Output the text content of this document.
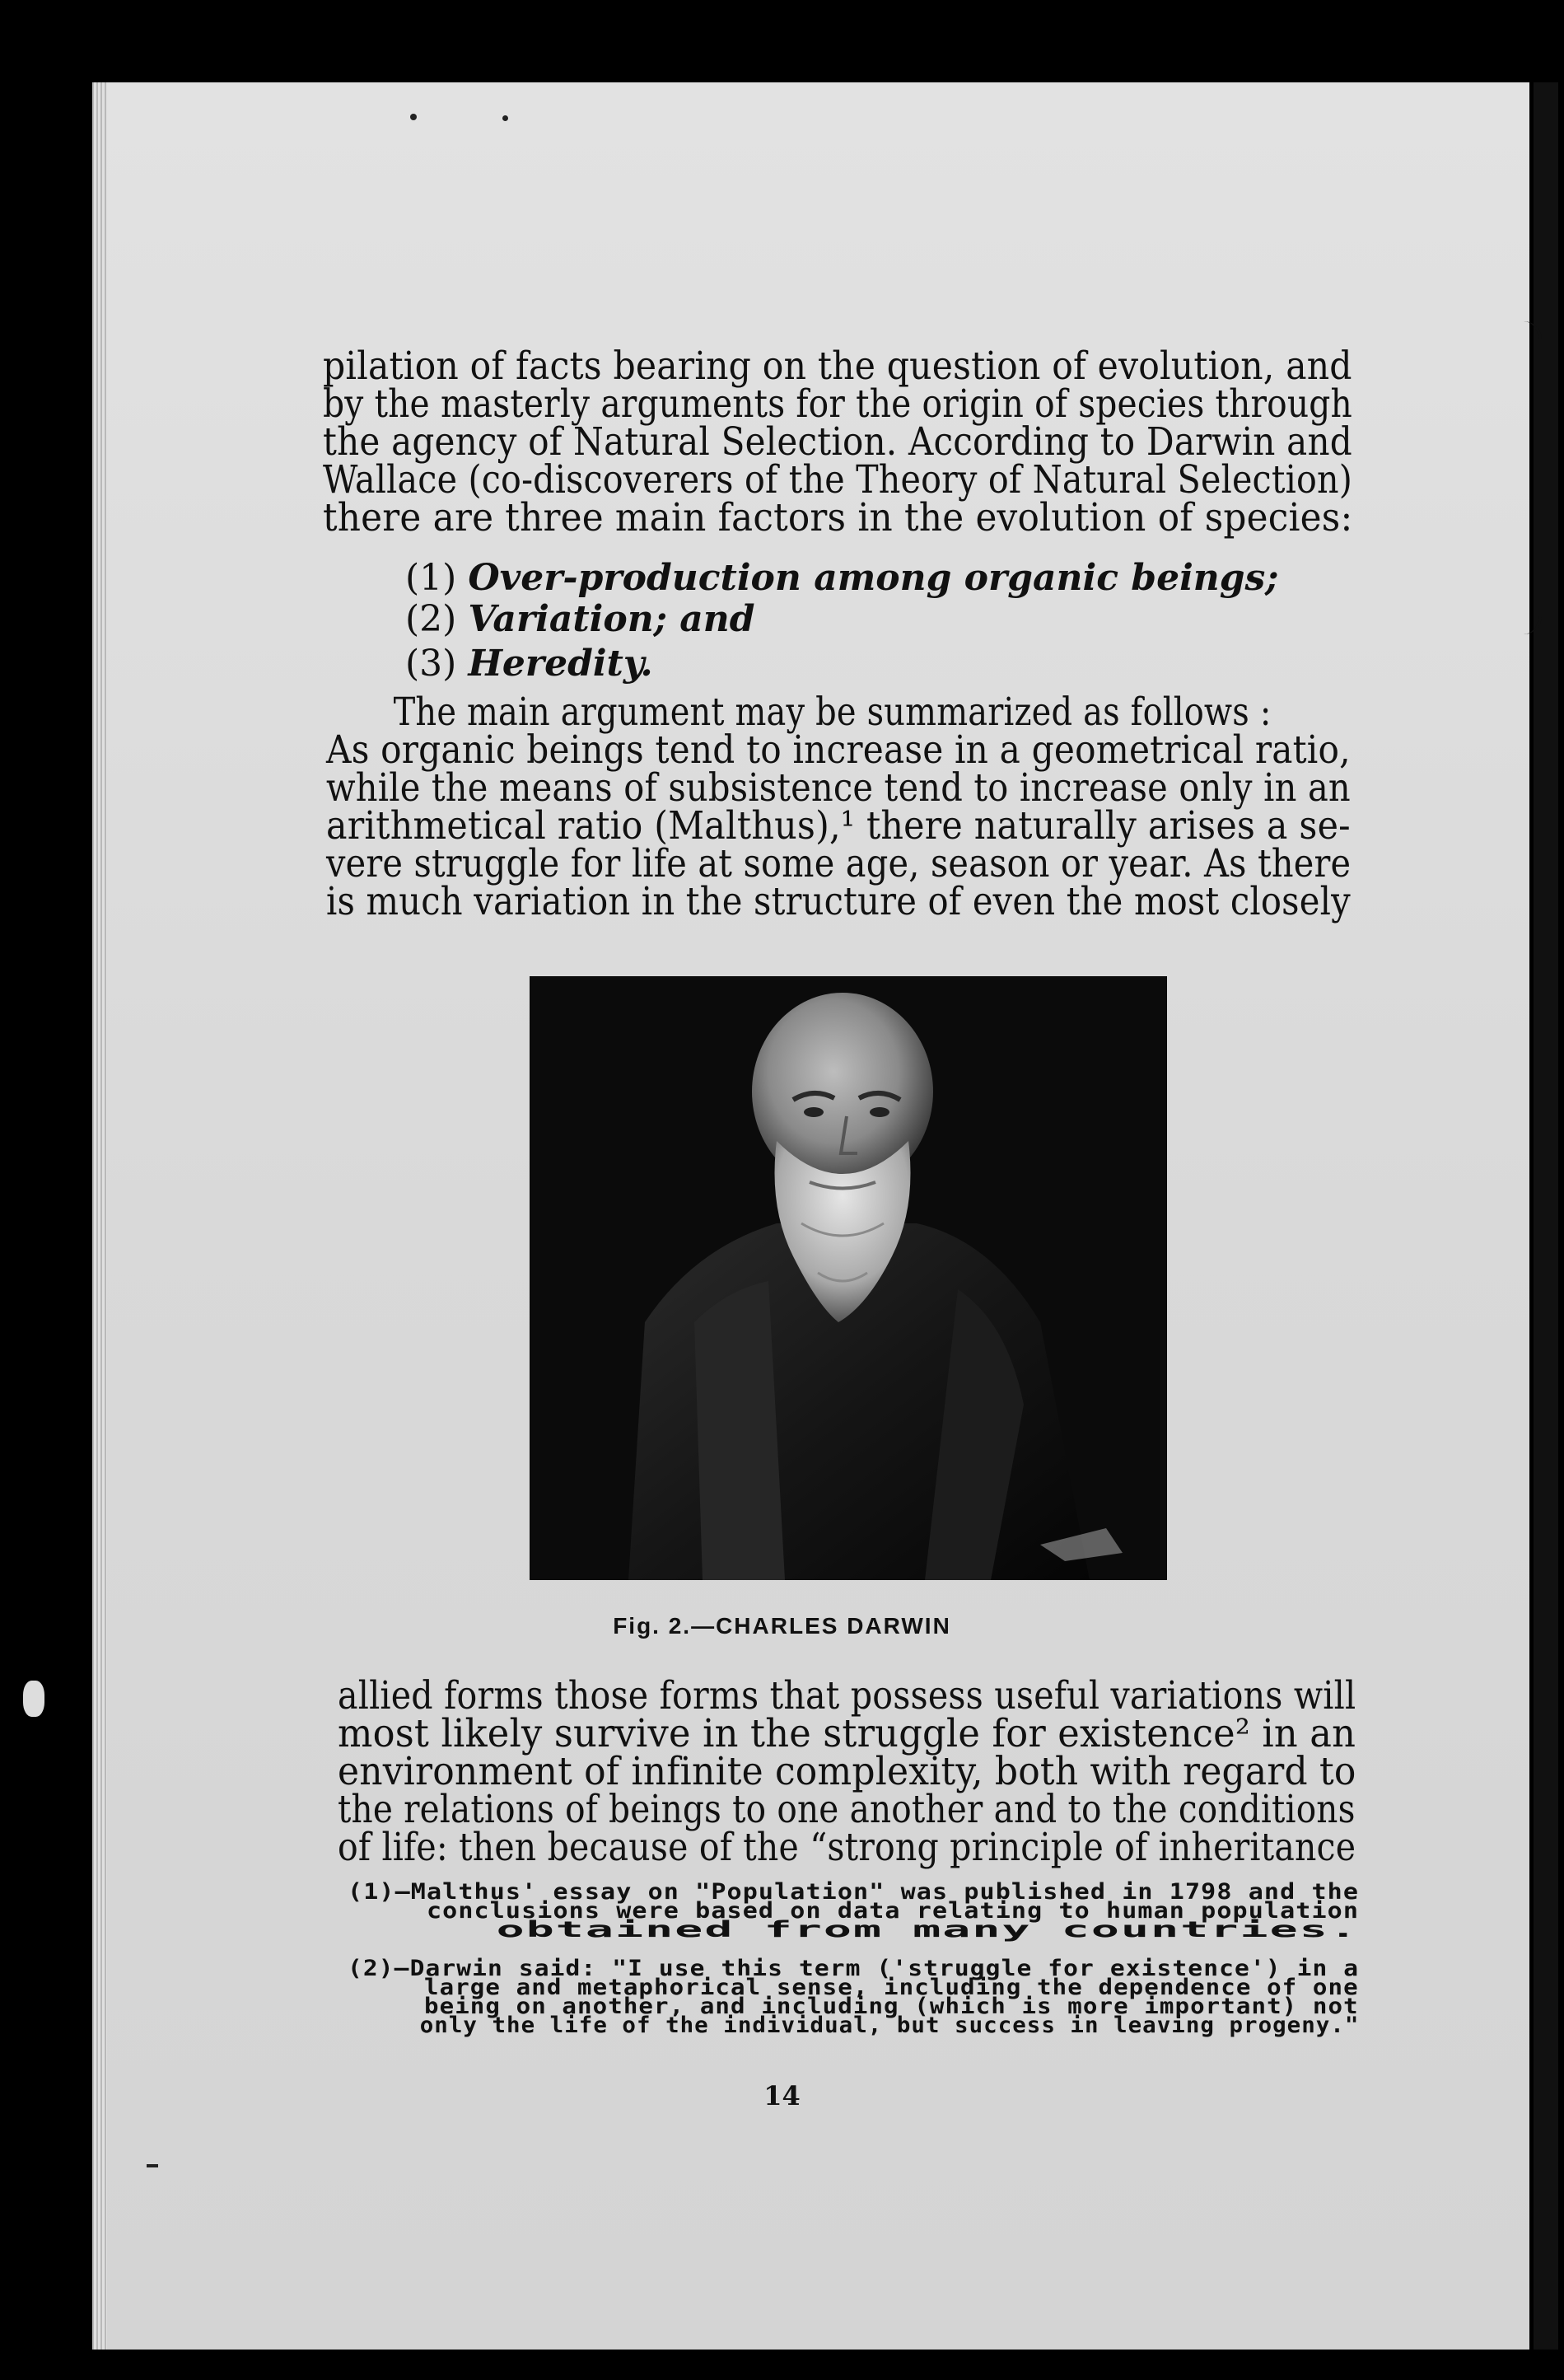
pilation of facts bearing on the question of evolution, and
by the masterly arguments for the origin of species through
the agency of Natural Selection. According to Darwin and
Wallace (co-discoverers of the Theory of Natural Selection)
there are three main factors in the evolution of species:
(1) Over-production among organic beings;
(2) Variation; and
(3) Heredity.
The main argument may be summarized as follows :
As organic beings tend to increase in a geometrical ratio,
while the means of subsistence tend to increase only in an
arithmetical ratio (Malthus),¹ there naturally arises a se-
vere struggle for life at some age, season or year. As there
is much variation in the structure of even the most closely
Fig. 2.—CHARLES DARWIN
allied forms those forms that possess useful variations will
most likely survive in the struggle for existence² in an
environment of infinite complexity, both with regard to
the relations of beings to one another and to the conditions
of life: then because of the “strong principle of inheritance
(1)—Malthus' essay on "Population" was published in 1798 and the
conclusions were based on data relating to human population
obtained from many countries.
(2)—Darwin said: "I use this term ('struggle for existence') in a
large and metaphorical sense, including the dependence of one
being on another, and including (which is more important) not
only the life of the individual, but success in leaving progeny."
14
